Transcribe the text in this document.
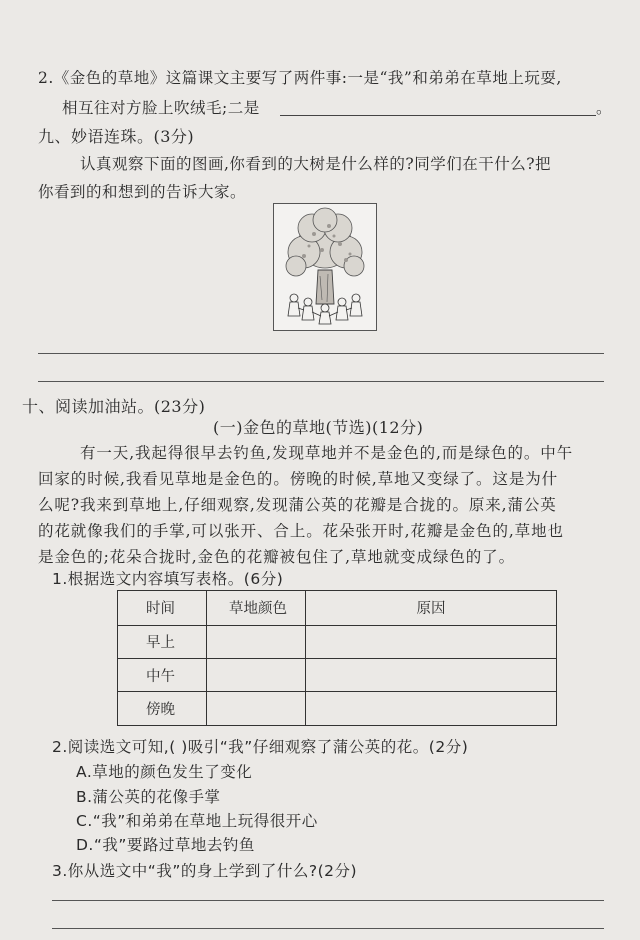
2.《金色的草地》这篇课文主要写了两件事:一是“我”和弟弟在草地上玩耍,
相互往对方脸上吹绒毛;二是	。
九、妙语连珠。(3分)
认真观察下面的图画,你看到的大树是什么样的?同学们在干什么?把
你看到的和想到的告诉大家。
十、阅读加油站。(23分)
(一)金色的草地(节选)(12分)
有一天,我起得很早去钓鱼,发现草地并不是金色的,而是绿色的。中午
回家的时候,我看见草地是金色的。傍晚的时候,草地又变绿了。这是为什
么呢?我来到草地上,仔细观察,发现蒲公英的花瓣是合拢的。原来,蒲公英
的花就像我们的手掌,可以张开、合上。花朵张开时,花瓣是金色的,草地也
是金色的;花朵合拢时,金色的花瓣被包住了,草地就变成绿色的了。
1.根据选文内容填写表格。(6分)
时间	草地颜色	原因
早上		
中午		
傍晚		
2.阅读选文可知,( )吸引“我”仔细观察了蒲公英的花。(2分)
A.草地的颜色发生了变化
B.蒲公英的花像手掌
C.“我”和弟弟在草地上玩得很开心
D.“我”要路过草地去钓鱼
3.你从选文中“我”的身上学到了什么?(2分)
